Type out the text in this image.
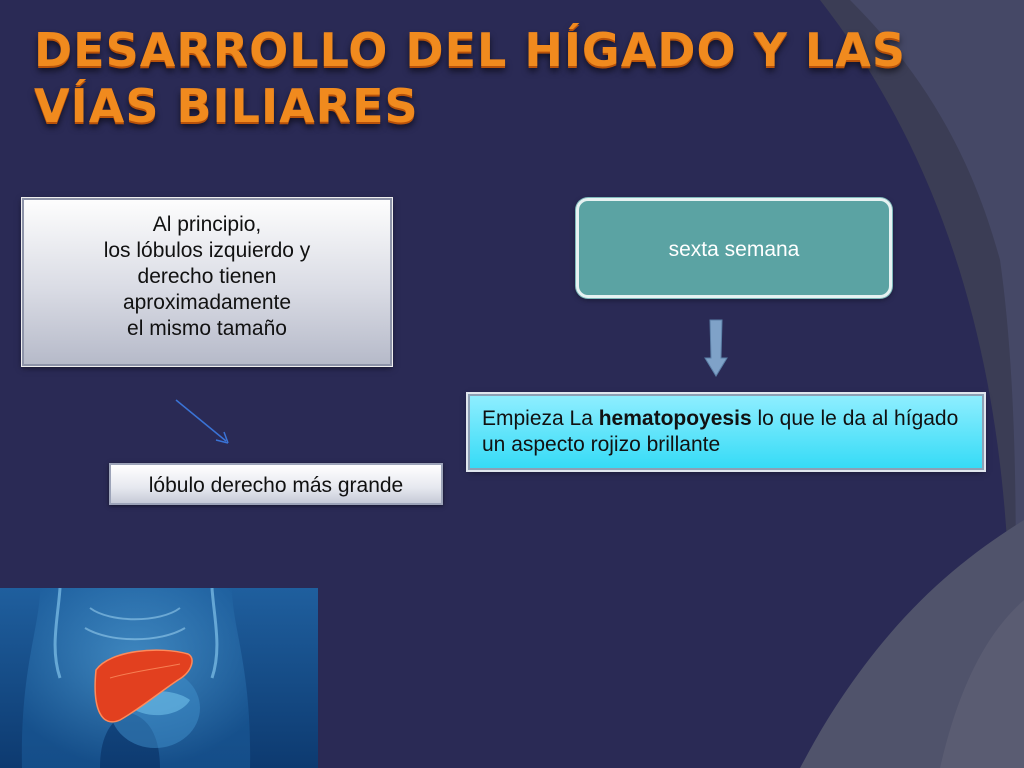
DESARROLLO DEL HÍGADO Y LAS VÍAS BILIARES
Al principio,
los lóbulos izquierdo y
derecho tienen
aproximadamente
el mismo tamaño
lóbulo derecho más grande
sexta semana
Empieza La hematopoyesis lo que le da al hígado un aspecto rojizo brillante
